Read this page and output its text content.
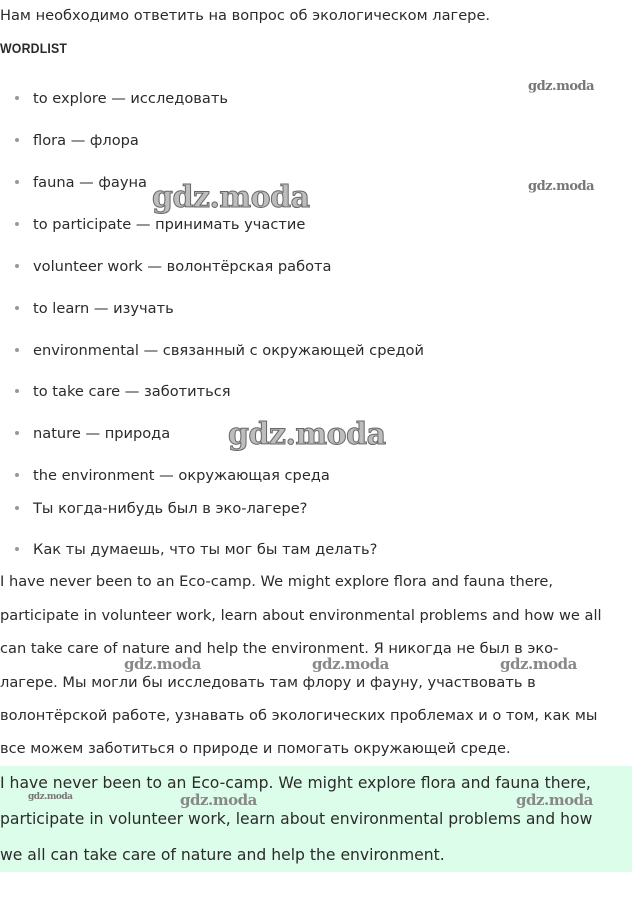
Нам необходимо ответить на вопрос об экологическом лагере.
WORDLIST
to explore — исследовать
flora — флора
fauna — фауна
to participate — принимать участие
volunteer work — волонтёрская работа
to learn — изучать
environmental — связанный с окружающей средой
to take care — заботиться
nature — природа
the environment — окружающая среда
Ты когда-нибудь был в эко-лагере?
Как ты думаешь, что ты мог бы там делать?
I have never been to an Eco-camp. We might explore flora and fauna there,
participate in volunteer work, learn about environmental problems and how we all
can take care of nature and help the environment. Я никогда не был в эко-
лагере. Мы могли бы исследовать там флору и фауну, участвовать в
волонтёрской работе, узнавать об экологических проблемах и о том, как мы
все можем заботиться о природе и помогать окружающей среде.
I have never been to an Eco-camp. We might explore flora and fauna there,
participate in volunteer work, learn about environmental problems and how
we all can take care of nature and help the environment.
gdz.moda
gdz.moda
gdz.moda
gdz.moda
gdz.moda	gdz.moda	gdz.moda
gdz.moda	gdz.moda	gdz.moda
